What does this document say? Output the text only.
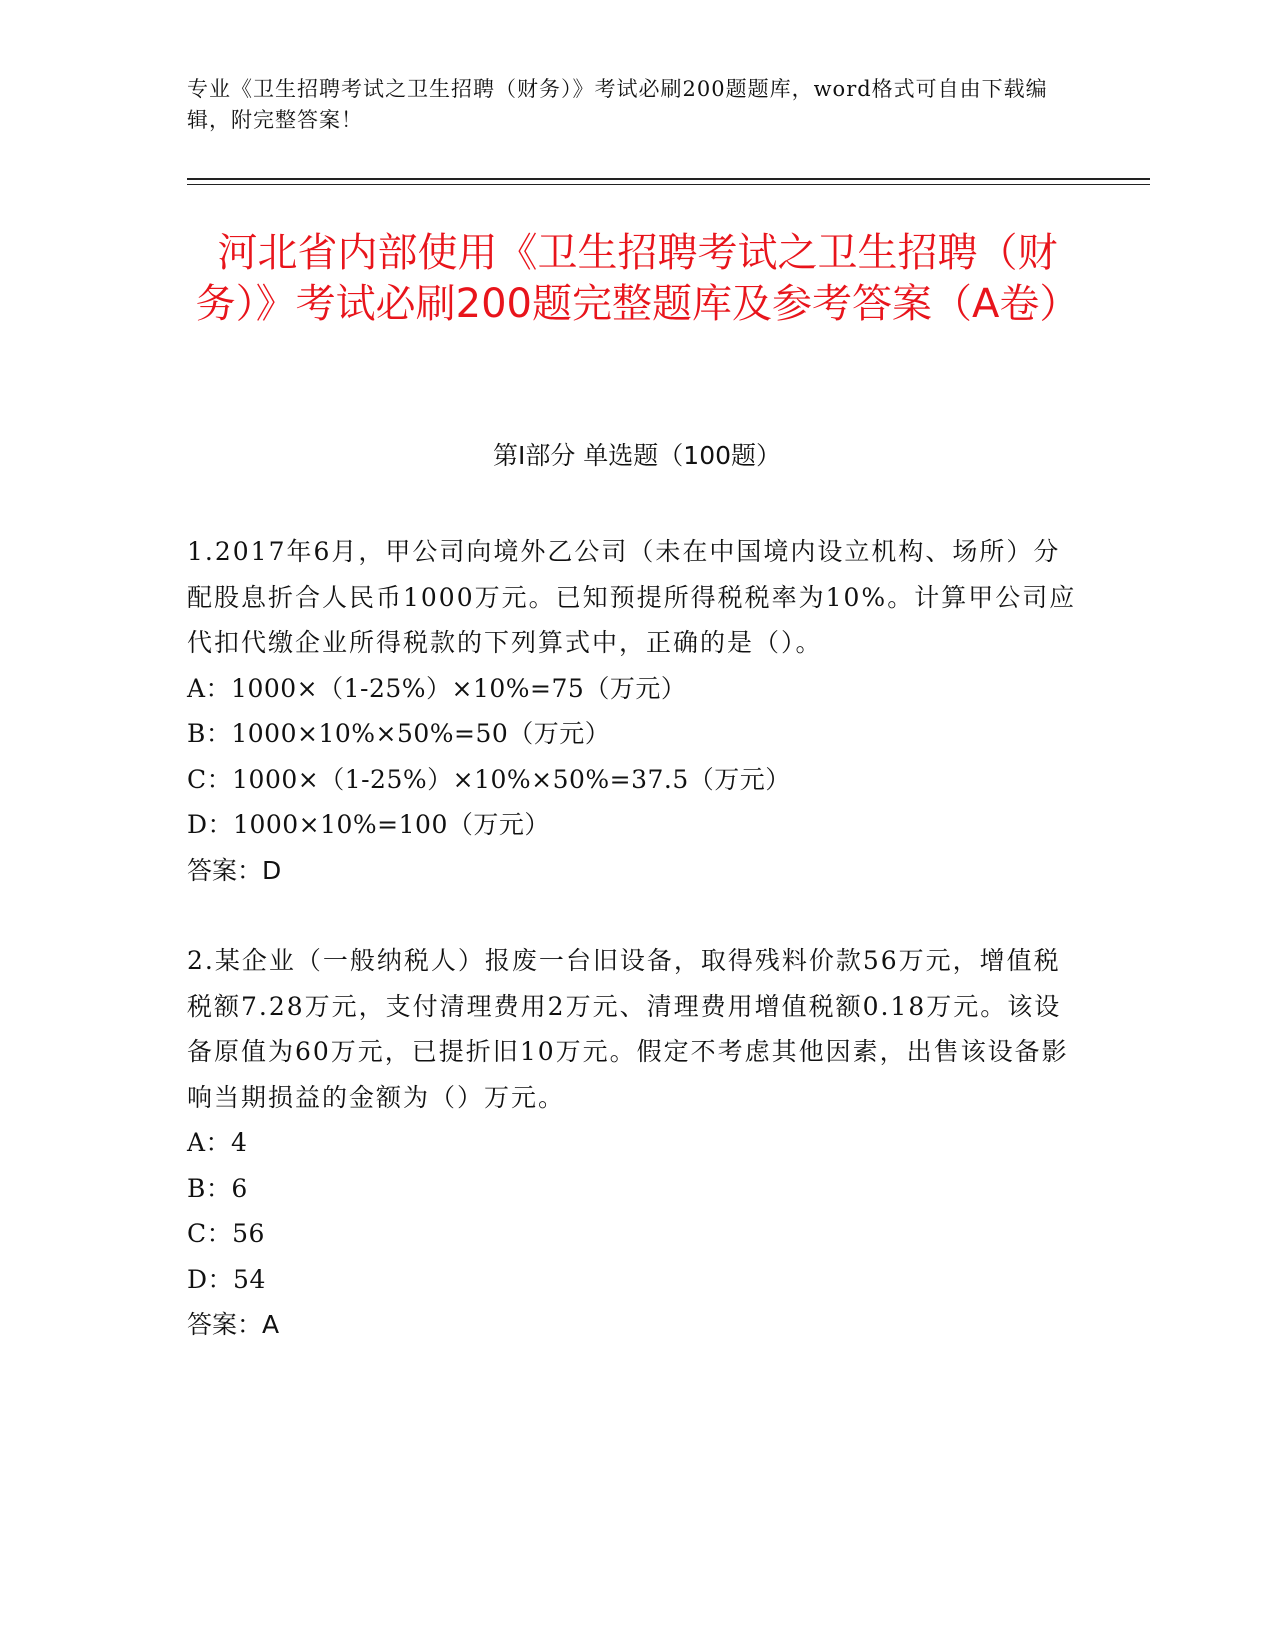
专业《卫生招聘考试之卫生招聘（财务）》考试必刷200题题库，word格式可自由下载编辑，附完整答案！
河北省内部使用《卫生招聘考试之卫生招聘（财务）》考试必刷200题完整题库及参考答案（A卷）
第Ⅰ部分 单选题（100题）

1.2017年6月，甲公司向境外乙公司（未在中国境内设立机构、场所）分配股息折合人民币1000万元。已知预提所得税税率为10%。计算甲公司应代扣代缴企业所得税款的下列算式中，正确的是（）。

A：1000×（1-25%）×10%=75（万元）

B：1000×10%×50%=50（万元）

C：1000×（1-25%）×10%×50%=37.5（万元）

D：1000×10%=100（万元）

答案：D

2.某企业（一般纳税人）报废一台旧设备，取得残料价款56万元，增值税税额7.28万元，支付清理费用2万元、清理费用增值税额0.18万元。该设备原值为60万元，已提折旧10万元。假定不考虑其他因素，出售该设备影响当期损益的金额为（）万元。

A：4

B：6

C：56

D：54

答案：A
